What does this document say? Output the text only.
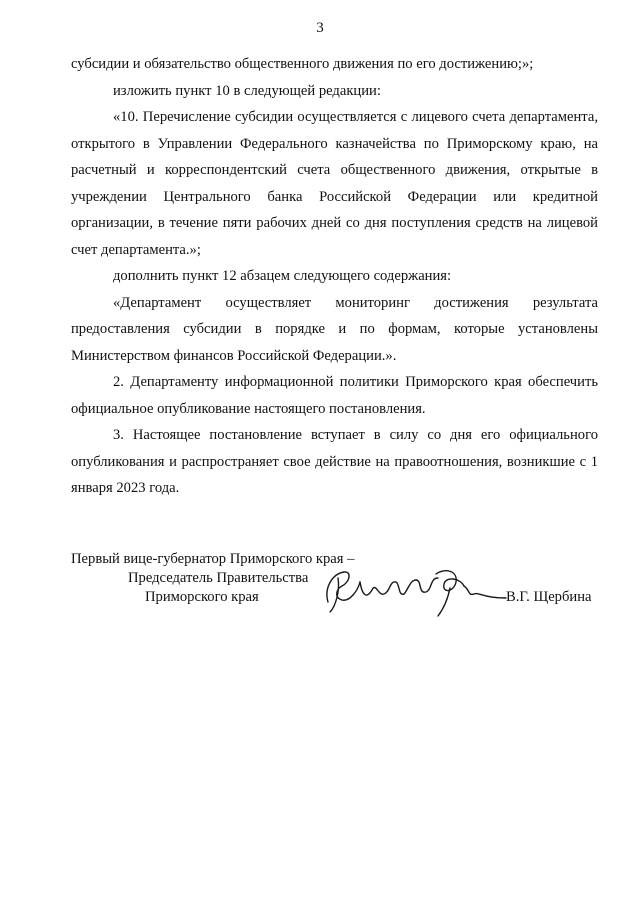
3

субсидии и обязательство общественного движения по его достижению;»;

изложить пункт 10 в следующей редакции:

«10. Перечисление субсидии осуществляется с лицевого счета департамента, открытого в Управлении Федерального казначейства по Приморскому краю, на расчетный и корреспондентский счета общественного движения, открытые в учреждении Центрального банка Российской Федерации или кредитной организации, в течение пяти рабочих дней со дня поступления средств на лицевой счет департамента.»;

дополнить пункт 12 абзацем следующего содержания:

«Департамент осуществляет мониторинг достижения результата предоставления субсидии в порядке и по формам, которые установлены Министерством финансов Российской Федерации.».

2. Департаменту информационной политики Приморского края обеспечить официальное опубликование настоящего постановления.

3. Настоящее постановление вступает в силу со дня его официального опубликования и распространяет свое действие на правоотношения, возникшие с 1 января 2023 года.

Первый вице-губернатор Приморского края –
Председатель Правительства
Приморского края	В.Г. Щербина
